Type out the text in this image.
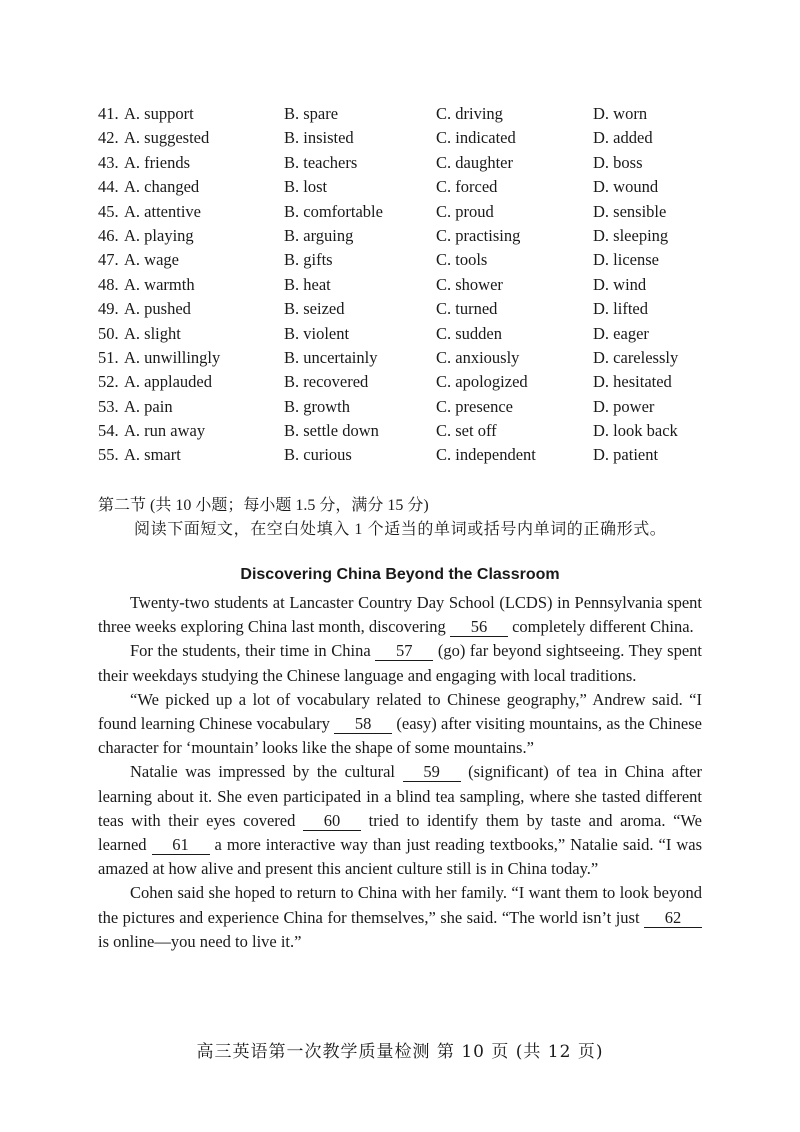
41. A. support	B. spare	C. driving	D. worn
42. A. suggested	B. insisted	C. indicated	D. added
43. A. friends	B. teachers	C. daughter	D. boss
44. A. changed	B. lost	C. forced	D. wound
45. A. attentive	B. comfortable	C. proud	D. sensible
46. A. playing	B. arguing	C. practising	D. sleeping
47. A. wage	B. gifts	C. tools	D. license
48. A. warmth	B. heat	C. shower	D. wind
49. A. pushed	B. seized	C. turned	D. lifted
50. A. slight	B. violent	C. sudden	D. eager
51. A. unwillingly	B. uncertainly	C. anxiously	D. carelessly
52. A. applauded	B. recovered	C. apologized	D. hesitated
53. A. pain	B. growth	C. presence	D. power
54. A. run away	B. settle down	C. set off	D. look back
55. A. smart	B. curious	C. independent	D. patient
第二节 (共 10 小题；每小题 1.5 分，满分 15 分)
阅读下面短文，在空白处填入 1 个适当的单词或括号内单词的正确形式。
Discovering China Beyond the Classroom

Twenty-two students at Lancaster Country Day School (LCDS) in Pennsylvania spent three weeks exploring China last month, discovering 56 completely different China.

For the students, their time in China 57 (go) far beyond sightseeing. They spent their weekdays studying the Chinese language and engaging with local traditions.

“We picked up a lot of vocabulary related to Chinese geography,” Andrew said. “I found learning Chinese vocabulary 58 (easy) after visiting mountains, as the Chinese character for ‘mountain’ looks like the shape of some mountains.”

Natalie was impressed by the cultural 59 (significant) of tea in China after learning about it. She even participated in a blind tea sampling, where she tasted different teas with their eyes covered 60 tried to identify them by taste and aroma. “We learned 61 a more interactive way than just reading textbooks,” Natalie said. “I was amazed at how alive and present this ancient culture still is in China today.”

Cohen said she hoped to return to China with her family. “I want them to look beyond the pictures and experience China for themselves,” she said. “The world isn’t just 62 is online—you need to live it.”

高三英语第一次教学质量检测 第 10 页 (共 12 页)
